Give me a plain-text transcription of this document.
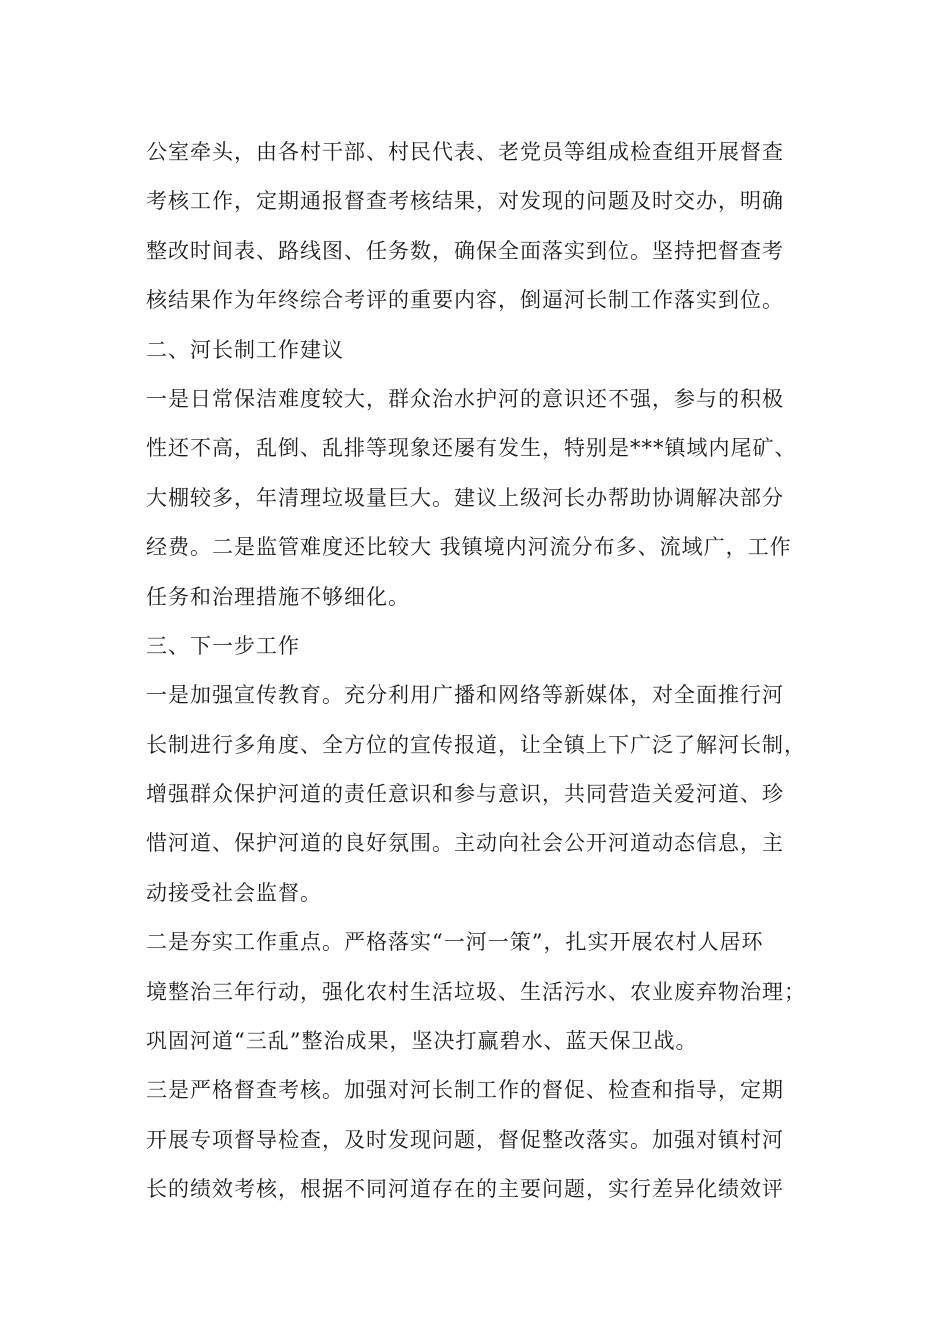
公室牵头，由各村干部、村民代表、老党员等组成检查组开展督查
考核工作，定期通报督查考核结果，对发现的问题及时交办，明确
整改时间表、路线图、任务数，确保全面落实到位。坚持把督查考
核结果作为年终综合考评的重要内容，倒逼河长制工作落实到位。
二、河长制工作建议
一是日常保洁难度较大，群众治水护河的意识还不强，参与的积极
性还不高，乱倒、乱排等现象还屡有发生，特别是***镇域内尾矿、
大棚较多，年清理垃圾量巨大。建议上级河长办帮助协调解决部分
经费。二是监管难度还比较大 我镇境内河流分布多、流域广，工作
任务和治理措施不够细化。
三、下一步工作
一是加强宣传教育。充分利用广播和网络等新媒体，对全面推行河
长制进行多角度、全方位的宣传报道，让全镇上下广泛了解河长制，
增强群众保护河道的责任意识和参与意识，共同营造关爱河道、珍
惜河道、保护河道的良好氛围。主动向社会公开河道动态信息，主
动接受社会监督。
二是夯实工作重点。严格落实“一河一策”，扎实开展农村人居环
境整治三年行动，强化农村生活垃圾、生活污水、农业废弃物治理；
巩固河道“三乱”整治成果，坚决打赢碧水、蓝天保卫战。
三是严格督查考核。加强对河长制工作的督促、检查和指导，定期
开展专项督导检查，及时发现问题，督促整改落实。加强对镇村河
长的绩效考核，根据不同河道存在的主要问题，实行差异化绩效评
